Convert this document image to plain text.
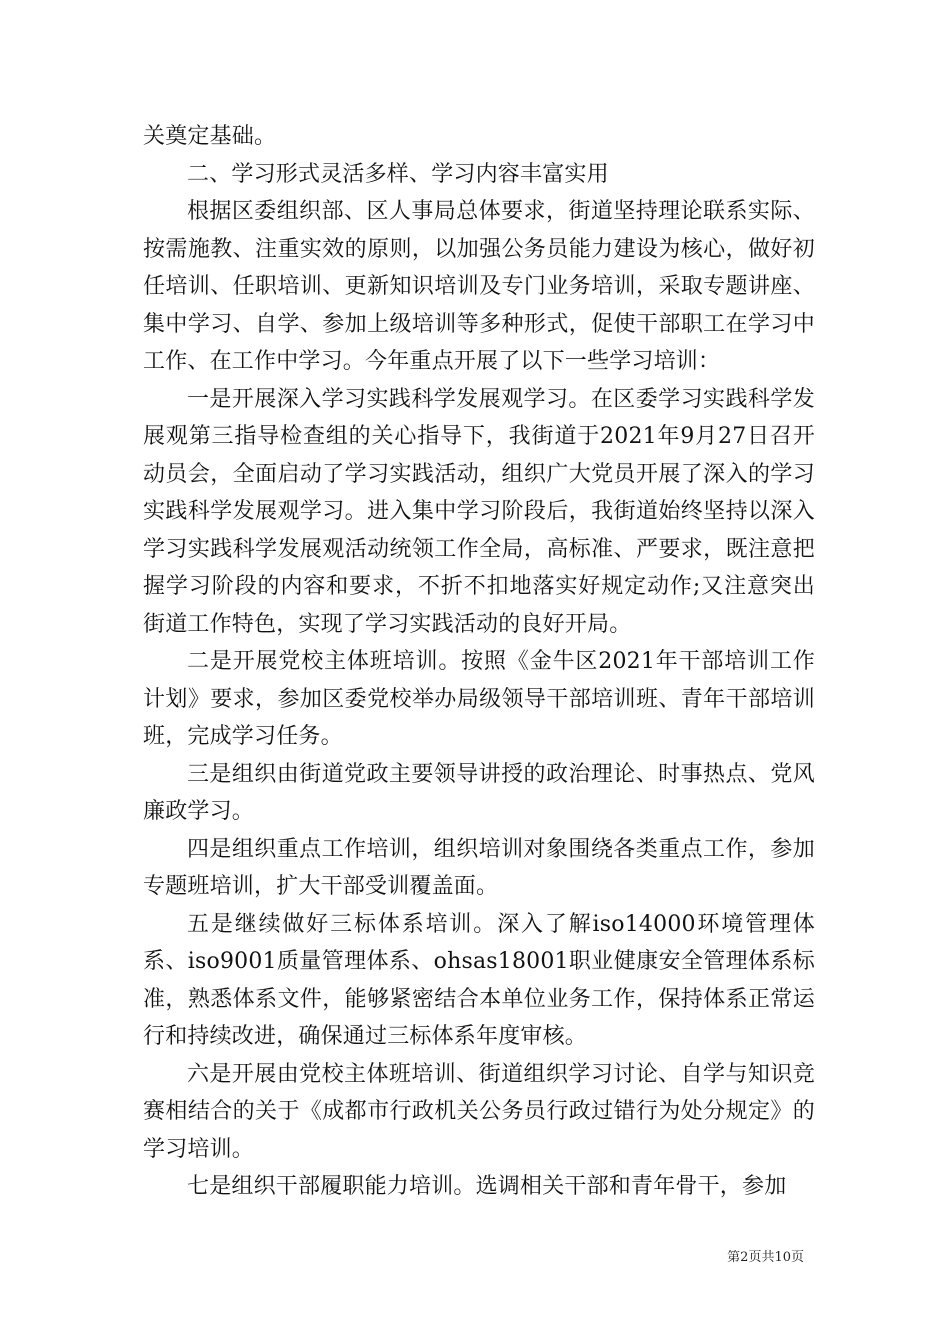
关奠定基础。

二、学习形式灵活多样、学习内容丰富实用

根据区委组织部、区人事局总体要求，街道坚持理论联系实际、按需施教、注重实效的原则，以加强公务员能力建设为核心，做好初任培训、任职培训、更新知识培训及专门业务培训，采取专题讲座、集中学习、自学、参加上级培训等多种形式，促使干部职工在学习中工作、在工作中学习。今年重点开展了以下一些学习培训：

一是开展深入学习实践科学发展观学习。在区委学习实践科学发展观第三指导检查组的关心指导下，我街道于2021年9月27日召开动员会，全面启动了学习实践活动，组织广大党员开展了深入的学习实践科学发展观学习。进入集中学习阶段后，我街道始终坚持以深入学习实践科学发展观活动统领工作全局，高标准、严要求，既注意把握学习阶段的内容和要求，不折不扣地落实好规定动作;又注意突出街道工作特色，实现了学习实践活动的良好开局。

二是开展党校主体班培训。按照《金牛区2021年干部培训工作计划》要求，参加区委党校举办局级领导干部培训班、青年干部培训班，完成学习任务。

三是组织由街道党政主要领导讲授的政治理论、时事热点、党风廉政学习。

四是组织重点工作培训，组织培训对象围绕各类重点工作，参加专题班培训，扩大干部受训覆盖面。

五是继续做好三标体系培训。深入了解iso14000环境管理体系、iso9001质量管理体系、ohsas18001职业健康安全管理体系标准，熟悉体系文件，能够紧密结合本单位业务工作，保持体系正常运行和持续改进，确保通过三标体系年度审核。

六是开展由党校主体班培训、街道组织学习讨论、自学与知识竞赛相结合的关于《成都市行政机关公务员行政过错行为处分规定》的学习培训。

七是组织干部履职能力培训。选调相关干部和青年骨干，参加

第2页共10页
